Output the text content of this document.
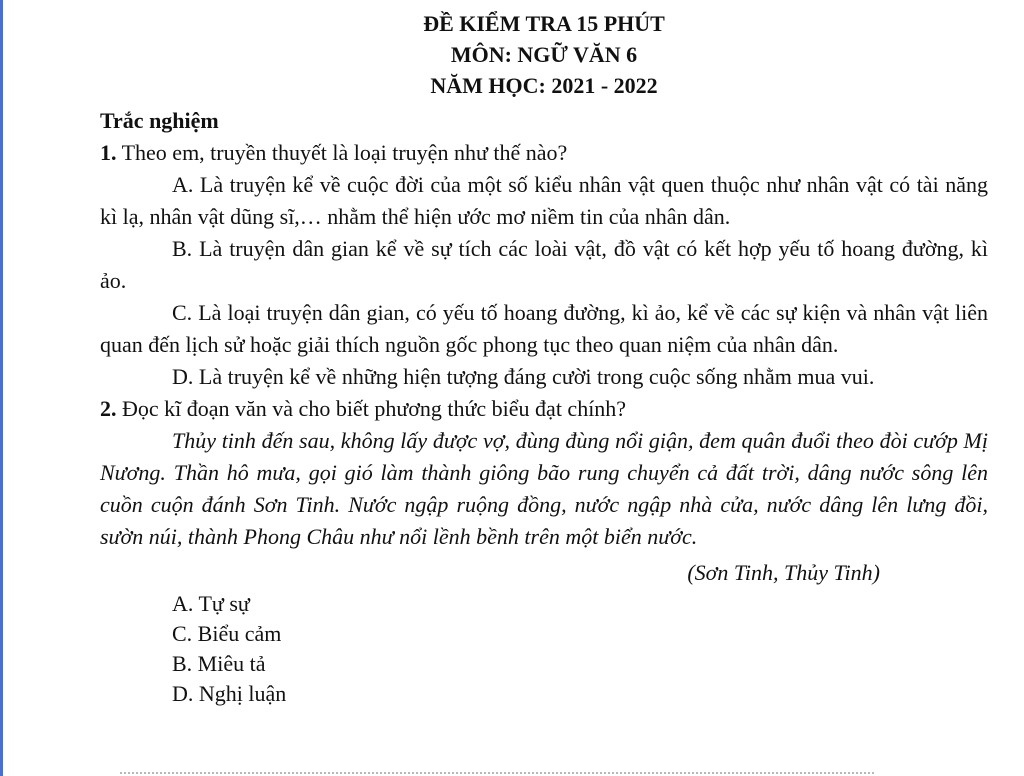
ĐỀ KIỂM TRA 15 PHÚT
MÔN: NGỮ VĂN 6
NĂM HỌC: 2021 - 2022
Trắc nghiệm
1. Theo em, truyền thuyết là loại truyện như thế nào?
A. Là truyện kể về cuộc đời của một số kiểu nhân vật quen thuộc như nhân vật có tài năng kì lạ, nhân vật dũng sĩ,… nhằm thể hiện ước mơ niềm tin của nhân dân.
B. Là truyện dân gian kể về sự tích các loài vật, đồ vật có kết hợp yếu tố hoang đường, kì ảo.
C. Là loại truyện dân gian, có yếu tố hoang đường, kì ảo, kể về các sự kiện và nhân vật liên quan đến lịch sử hoặc giải thích nguồn gốc phong tục theo quan niệm của nhân dân.
D. Là truyện kể về những hiện tượng đáng cười trong cuộc sống nhằm mua vui.
2. Đọc kĩ đoạn văn và cho biết phương thức biểu đạt chính?
Thủy tinh đến sau, không lấy được vợ, đùng đùng nổi giận, đem quân đuổi theo đòi cướp Mị Nương. Thần hô mưa, gọi gió làm thành giông bão rung chuyển cả đất trời, dâng nước sông lên cuồn cuộn đánh Sơn Tinh. Nước ngập ruộng đồng, nước ngập nhà cửa, nước dâng lên lưng đồi, sườn núi, thành Phong Châu như nổi lềnh bềnh trên một biển nước.
(Sơn Tinh, Thủy Tinh)
A. Tự sự
C. Biểu cảm
B. Miêu tả
D. Nghị luận
